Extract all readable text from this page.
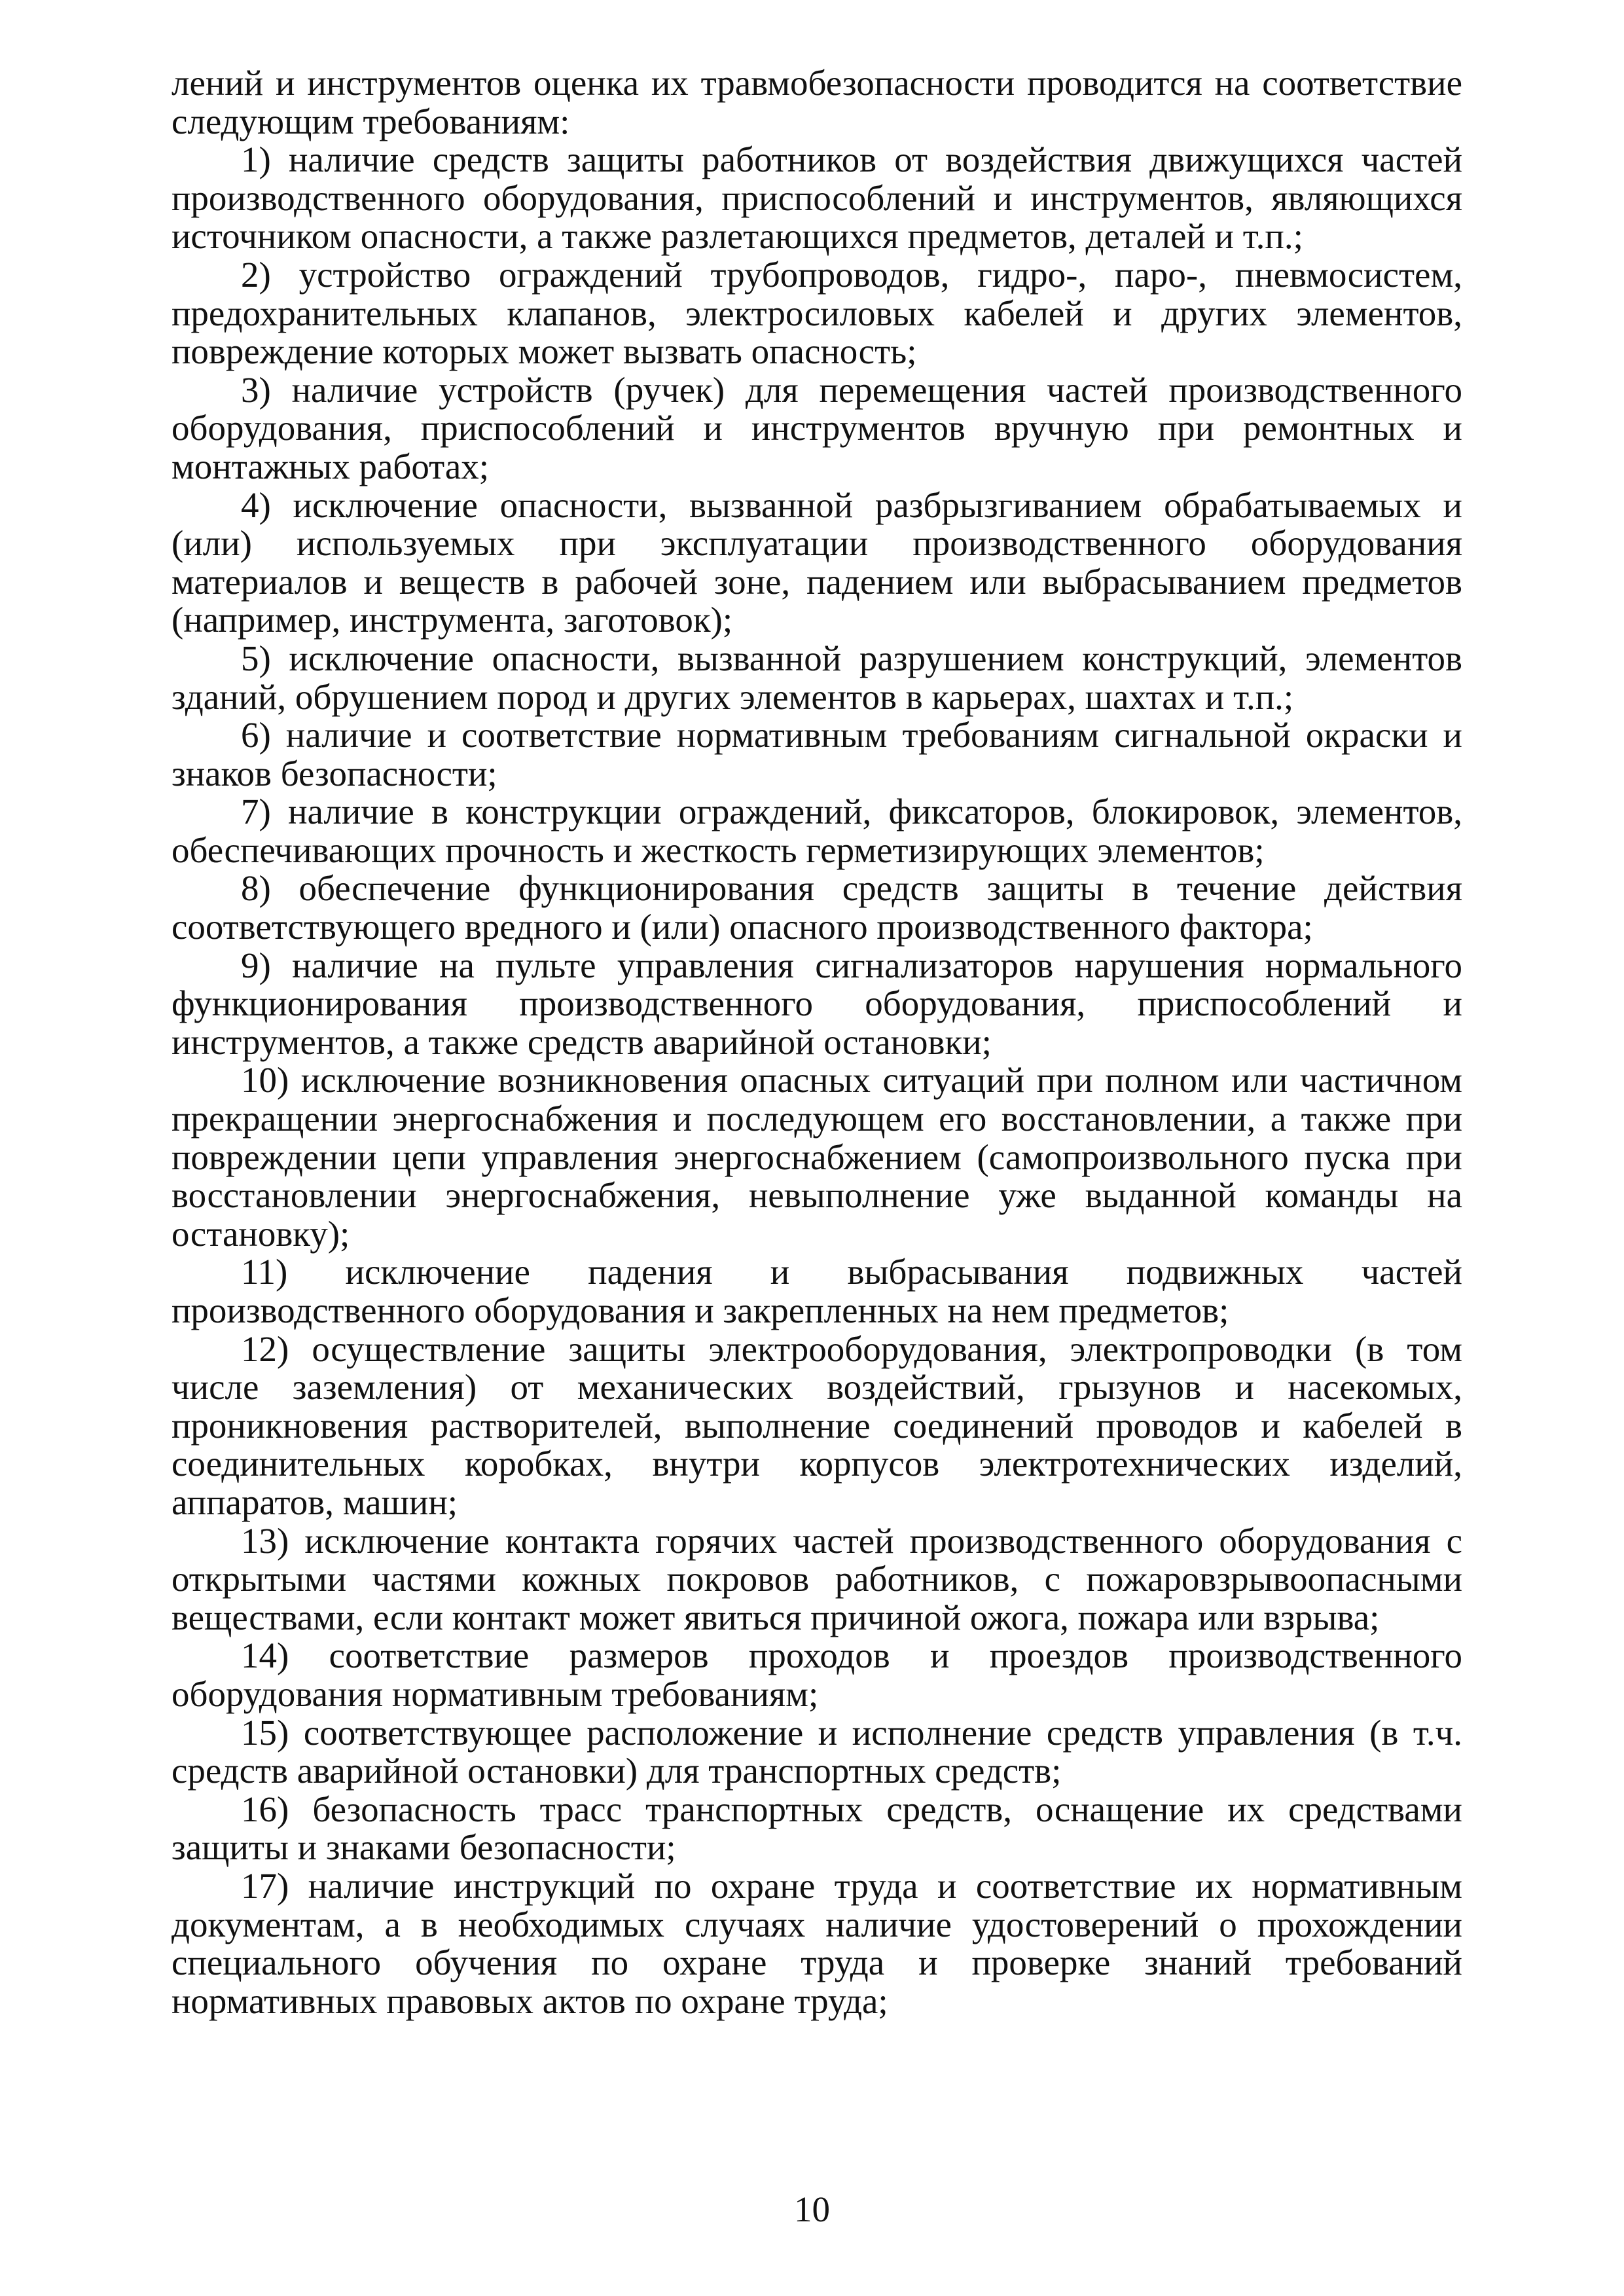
лений и инструментов оценка их травмобезопасности проводится на соответствие следующим требованиям:

1) наличие средств защиты работников от воздействия движущихся частей производственного оборудования, приспособлений и инструментов, являющихся источником опасности, а также разлетающихся предметов, деталей и т.п.;

2) устройство ограждений трубопроводов, гидро-, паро-, пневмосистем, предохранительных клапанов, электросиловых кабелей и других элементов, повреждение которых может вызвать опасность;

3) наличие устройств (ручек) для перемещения частей производственного оборудования, приспособлений и инструментов вручную при ремонтных и монтажных работах;

4) исключение опасности, вызванной разбрызгиванием обрабатываемых и (или) используемых при эксплуатации производственного оборудования материалов и веществ в рабочей зоне, падением или выбрасыванием предметов (например, инструмента, заготовок);

5) исключение опасности, вызванной разрушением конструкций, элементов зданий, обрушением пород и других элементов в карьерах, шахтах и т.п.;

6) наличие и соответствие нормативным требованиям сигнальной окраски и знаков безопасности;

7) наличие в конструкции ограждений, фиксаторов, блокировок, элементов, обеспечивающих прочность и жесткость герметизирующих элементов;

8) обеспечение функционирования средств защиты в течение действия соответствующего вредного и (или) опасного производственного фактора;

9) наличие на пульте управления сигнализаторов нарушения нормального функционирования производственного оборудования, приспособлений и инструментов, а также средств аварийной остановки;

10) исключение возникновения опасных ситуаций при полном или частичном прекращении энергоснабжения и последующем его восстановлении, а также при повреждении цепи управления энергоснабжением (самопроизвольного пуска при восстановлении энергоснабжения, невыполнение уже выданной команды на остановку);

11) исключение падения и выбрасывания подвижных частей производственного оборудования и закрепленных на нем предметов;

12) осуществление защиты электрооборудования, электропроводки (в том числе заземления) от механических воздействий, грызунов и насекомых, проникновения растворителей, выполнение соединений проводов и кабелей в соединительных коробках, внутри корпусов электротехнических изделий, аппаратов, машин;

13) исключение контакта горячих частей производственного оборудования с открытыми частями кожных покровов работников, с пожаровзрывоопасными веществами, если контакт может явиться причиной ожога, пожара или взрыва;

14) соответствие размеров проходов и проездов производственного оборудования нормативным требованиям;

15) соответствующее расположение и исполнение средств управления (в т.ч. средств аварийной остановки) для транспортных средств;

16) безопасность трасс транспортных средств, оснащение их средствами защиты и знаками безопасности;

17) наличие инструкций по охране труда и соответствие их нормативным документам, а в необходимых случаях наличие удостоверений о прохождении специального обучения по охране труда и проверке знаний требований нормативных правовых актов по охране труда;

10
